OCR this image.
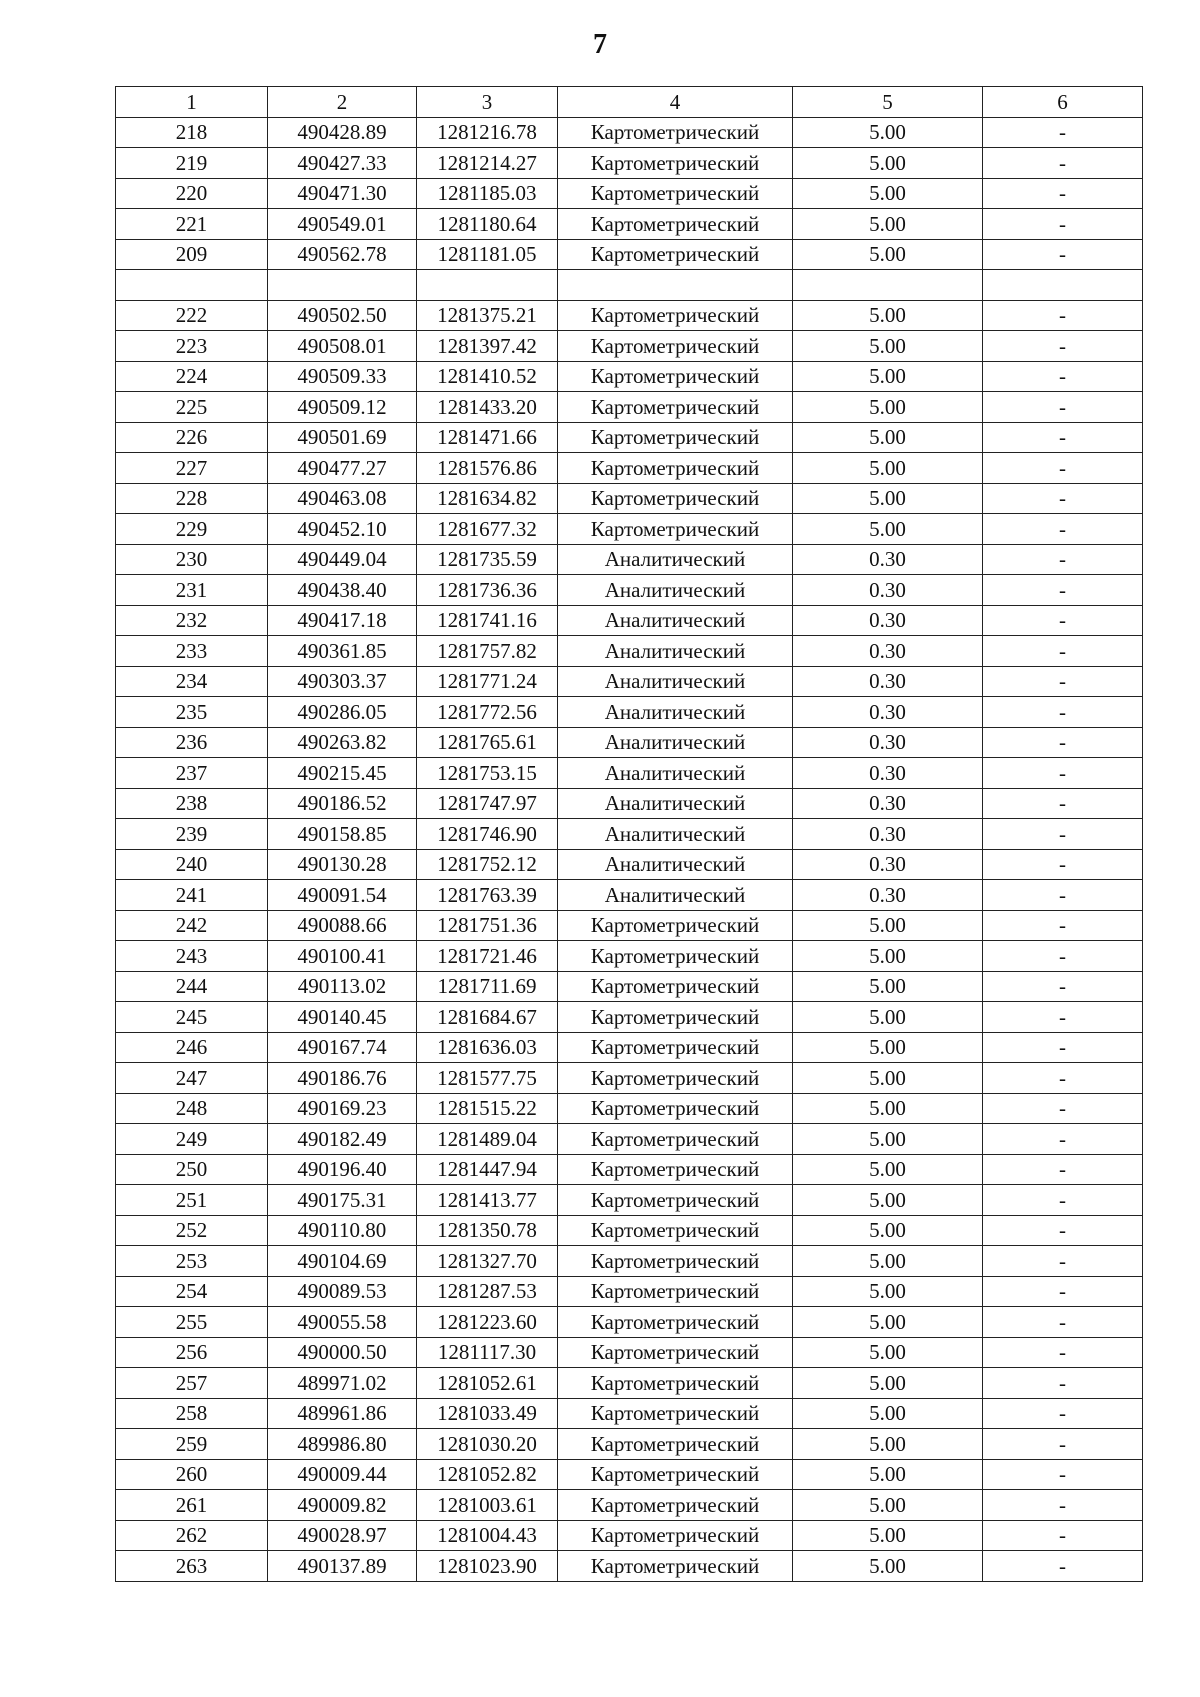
7
1	2	3	4	5	6
218	490428.89	1281216.78	Картометрический	5.00	-
219	490427.33	1281214.27	Картометрический	5.00	-
220	490471.30	1281185.03	Картометрический	5.00	-
221	490549.01	1281180.64	Картометрический	5.00	-
209	490562.78	1281181.05	Картометрический	5.00	-

222	490502.50	1281375.21	Картометрический	5.00	-
223	490508.01	1281397.42	Картометрический	5.00	-
224	490509.33	1281410.52	Картометрический	5.00	-
225	490509.12	1281433.20	Картометрический	5.00	-
226	490501.69	1281471.66	Картометрический	5.00	-
227	490477.27	1281576.86	Картометрический	5.00	-
228	490463.08	1281634.82	Картометрический	5.00	-
229	490452.10	1281677.32	Картометрический	5.00	-
230	490449.04	1281735.59	Аналитический	0.30	-
231	490438.40	1281736.36	Аналитический	0.30	-
232	490417.18	1281741.16	Аналитический	0.30	-
233	490361.85	1281757.82	Аналитический	0.30	-
234	490303.37	1281771.24	Аналитический	0.30	-
235	490286.05	1281772.56	Аналитический	0.30	-
236	490263.82	1281765.61	Аналитический	0.30	-
237	490215.45	1281753.15	Аналитический	0.30	-
238	490186.52	1281747.97	Аналитический	0.30	-
239	490158.85	1281746.90	Аналитический	0.30	-
240	490130.28	1281752.12	Аналитический	0.30	-
241	490091.54	1281763.39	Аналитический	0.30	-
242	490088.66	1281751.36	Картометрический	5.00	-
243	490100.41	1281721.46	Картометрический	5.00	-
244	490113.02	1281711.69	Картометрический	5.00	-
245	490140.45	1281684.67	Картометрический	5.00	-
246	490167.74	1281636.03	Картометрический	5.00	-
247	490186.76	1281577.75	Картометрический	5.00	-
248	490169.23	1281515.22	Картометрический	5.00	-
249	490182.49	1281489.04	Картометрический	5.00	-
250	490196.40	1281447.94	Картометрический	5.00	-
251	490175.31	1281413.77	Картометрический	5.00	-
252	490110.80	1281350.78	Картометрический	5.00	-
253	490104.69	1281327.70	Картометрический	5.00	-
254	490089.53	1281287.53	Картометрический	5.00	-
255	490055.58	1281223.60	Картометрический	5.00	-
256	490000.50	1281117.30	Картометрический	5.00	-
257	489971.02	1281052.61	Картометрический	5.00	-
258	489961.86	1281033.49	Картометрический	5.00	-
259	489986.80	1281030.20	Картометрический	5.00	-
260	490009.44	1281052.82	Картометрический	5.00	-
261	490009.82	1281003.61	Картометрический	5.00	-
262	490028.97	1281004.43	Картометрический	5.00	-
263	490137.89	1281023.90	Картометрический	5.00	-
